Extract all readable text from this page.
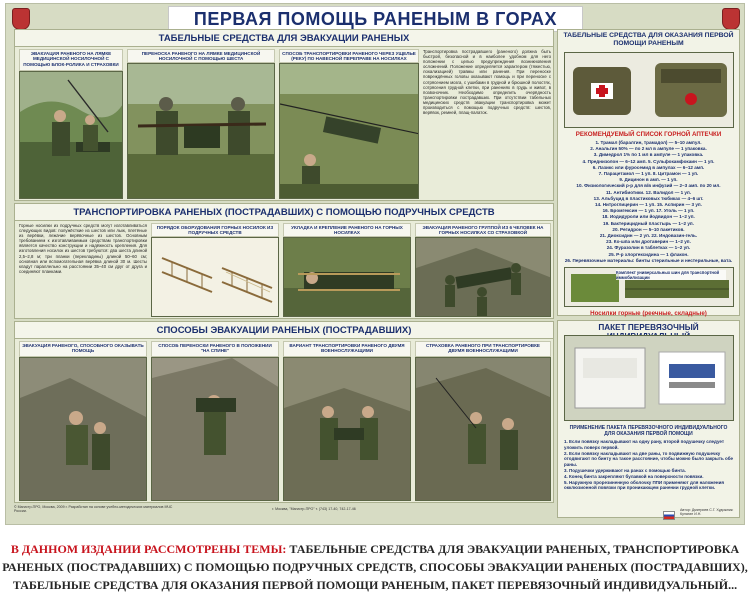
ПЕРВАЯ ПОМОЩЬ РАНЕНЫМ В ГОРАХ
ТАБЕЛЬНЫЕ СРЕДСТВА ДЛЯ ЭВАКУАЦИИ РАНЕНЫХ
ЭВАКУАЦИЯ РАНЕНОГО НА ЛЯМКЕ МЕДИЦИНСКОЙ НОСИЛОЧНОЙ С ПОМОЩЬЮ БЛОК-РОЛИКА И СТРАХОВКИ
ПЕРЕНОСКА РАНЕНОГО НА ЛЯМКЕ МЕДИЦИНСКОЙ НОСИЛОЧНОЙ С ПОМОЩЬЮ ШЕСТА
СПОСОБ ТРАНСПОРТИРОВКИ РАНЕНОГО ЧЕРЕЗ УЩЕЛЬЕ (РЕКУ) ПО НАВЕСНОЙ ПЕРЕПРАВЕ НА НОСИЛКАХ
Транспортировка пострадавшего (раненого) должна быть быстрой, безопасной и в наиболее удобном для него положении с целью предупреждения возникновения осложнений. Положение определяется характером (тяжестью, локализацией) травмы или ранения. При переноске повреждённых головы оказывают помощь и при переноске с сотрясением мозга, с ушибами в грудной и брюшной полостях, сотрясения грудной клетки, при ранениях в грудь и живот, в позвоночник. Необходимо определить очерёдность транспортировки пострадавших. При отсутствии табельных медицинских средств эвакуации транспортировка может производиться с помощью подручных средств: шестов, верёвок, ремней, плащ-палаток.
ТРАНСПОРТИРОВКА РАНЕНЫХ (ПОСТРАДАВШИХ) С ПОМОЩЬЮ ПОДРУЧНЫХ СРЕДСТВ
Горные носилки из подручных средств могут изготавливаться следующих видов: полужёсткие из шестов или лыж, плетёные из верёвки, лежачие верёвочные из шестов. Основным требованием к изготавливаемым средствам транспортировки является качество конструкции и надёжность крепления. Для изготовления носилок из шестов требуются: два шеста длиной 2,5–2,8 м; три планки (перекладины) длиной 50–60 см; основная или вспомогательная верёвка длиной 30 м. Шесты кладут параллельно на расстоянии 35–40 см друг от друга и соединяют планками.
ПОРЯДОК ОБОРУДОВАНИЯ ГОРНЫХ НОСИЛОК ИЗ ПОДРУЧНЫХ СРЕДСТВ
УКЛАДКА И КРЕПЛЕНИЕ РАНЕНОГО НА ГОРНЫХ НОСИЛКАХ
ЭВАКУАЦИЯ РАНЕНОГО ГРУППОЙ ИЗ 6 ЧЕЛОВЕК НА ГОРНЫХ НОСИЛКАХ СО СТРАХОВКОЙ
СПОСОБЫ ЭВАКУАЦИИ РАНЕНЫХ (ПОСТРАДАВШИХ)
ЭВАКУАЦИЯ РАНЕНОГО, СПОСОБНОГО ОКАЗЫВАТЬ ПОМОЩЬ
СПОСОБ ПЕРЕНОСКИ РАНЕНОГО В ПОЛОЖЕНИИ "НА СПИНЕ"
ВАРИАНТ ТРАНСПОРТИРОВКИ РАНЕНОГО ДВУМЯ ВОЕННОСЛУЖАЩИМИ
СТРАХОВКА РАНЕНОГО ПРИ ТРАНСПОРТИРОВКЕ ДВУМЯ ВОЕННОСЛУЖАЩИМИ
ТАБЕЛЬНЫЕ СРЕДСТВА ДЛЯ ОКАЗАНИЯ ПЕРВОЙ ПОМОЩИ РАНЕНЫМ
РЕКОМЕНДУЕМЫЙ СПИСОК ГОРНОЙ АПТЕЧКИ
1. Трамал (баралгин, трамадол) — 5–10 ампул.
2. Анальгин 50% — по 2 мл в ампуле — 1 упаковка.
3. Димедрол 1% по 1 мл в ампуле — 1 упаковка.
4. Преднизолон — 6–12 амп. 5. Сульфокамфокаин — 1 уп.
6. Лазикс или фуросемид в ампулах — 6–12 амп.
7. Парацетамол — 1 уп. 8. Цитрамон — 1 уп.
9. Дицинон в амп. — 1 уп.
10. Физиологический р-р для в/в инфузий — 2–3 амп. по 20 мл.
11. Антибиотики. 12. Валидол — 1 уп.
13. Альбуцид в пластиковых тюбиках — 4–6 шт.
14. Нитроглицерин — 1 уп. 15. Аспирин — 3 уп.
16. Бромгексин — 1 уп. 17. Уголь — 1 уп.
18. Иодидуроли или йодвидон — 1–2 уп.
19. Бактерицидный пластырь — 1–2 уп.
20. Регидрон — 5–10 пакетиков.
21. Диоксидин — 2 уп. 22. Индовазин-гель.
23. Ко-шпа или дротаверин — 1–2 уп.
24. Фуразолин в таблетках — 1–2 уп.
25. Р-р хлоргексидина — 1 флакон.
26. Перевязочные материалы: бинты стерильные и нестерильные, вата.
Комплект универсальных шин для транспортной иммобилизации
Носилки горные (реечные, складные)
ПАКЕТ ПЕРЕВЯЗОЧНЫЙ
ПРИМЕНЕНИЕ ПАКЕТА ПЕРЕВЯЗОЧНОГО ИНДИВИДУАЛЬНОГО ДЛЯ ОКАЗАНИЯ ПЕРВОЙ ПОМОЩИ
1. Если повязку накладывают на одну рану, второй подушечку следует уложить поверх первой.
2. Если повязку накладывают на две раны, то подвижную подушечку отодвигают по бинту на такое расстояние, чтобы можно было закрыть обе раны.
3. Подушечки удерживают на ранах с помощью бинта.
4. Конец бинта закрепляют булавкой на поверхности повязки.
5. Наружную прорезиненную оболочку ППИ применяют для наложения окклюзионной повязки при проникающем ранении грудной клетки.
© Магистр-ПРО, Москва, 2009 г. Разработан на основе учебно-методических материалов МЧС России.
г. Москва, "Магистр-ПРО" т. (743) 17-40, 742-17-46	Автор: Дмитриев С.Г. Художник: Кулагин И.Н.
В ДАННОМ ИЗДАНИИ РАССМОТРЕНЫ ТЕМЫ: ТАБЕЛЬНЫЕ СРЕДСТВА ДЛЯ ЭВАКУАЦИИ РАНЕНЫХ, ТРАНСПОРТИРОВКА РАНЕНЫХ (ПОСТРАДАВШИХ) С ПОМОЩЬЮ ПОДРУЧНЫХ СРЕДСТВ, СПОСОБЫ ЭВАКУАЦИИ РАНЕНЫХ (ПОСТРАДАВШИХ), ТАБЕЛЬНЫЕ СРЕДСТВА ДЛЯ ОКАЗАНИЯ ПЕРВОЙ ПОМОЩИ РАНЕНЫМ, ПАКЕТ ПЕРЕВЯЗОЧНЫЙ ИНДИВИДУАЛЬНЫЙ...
